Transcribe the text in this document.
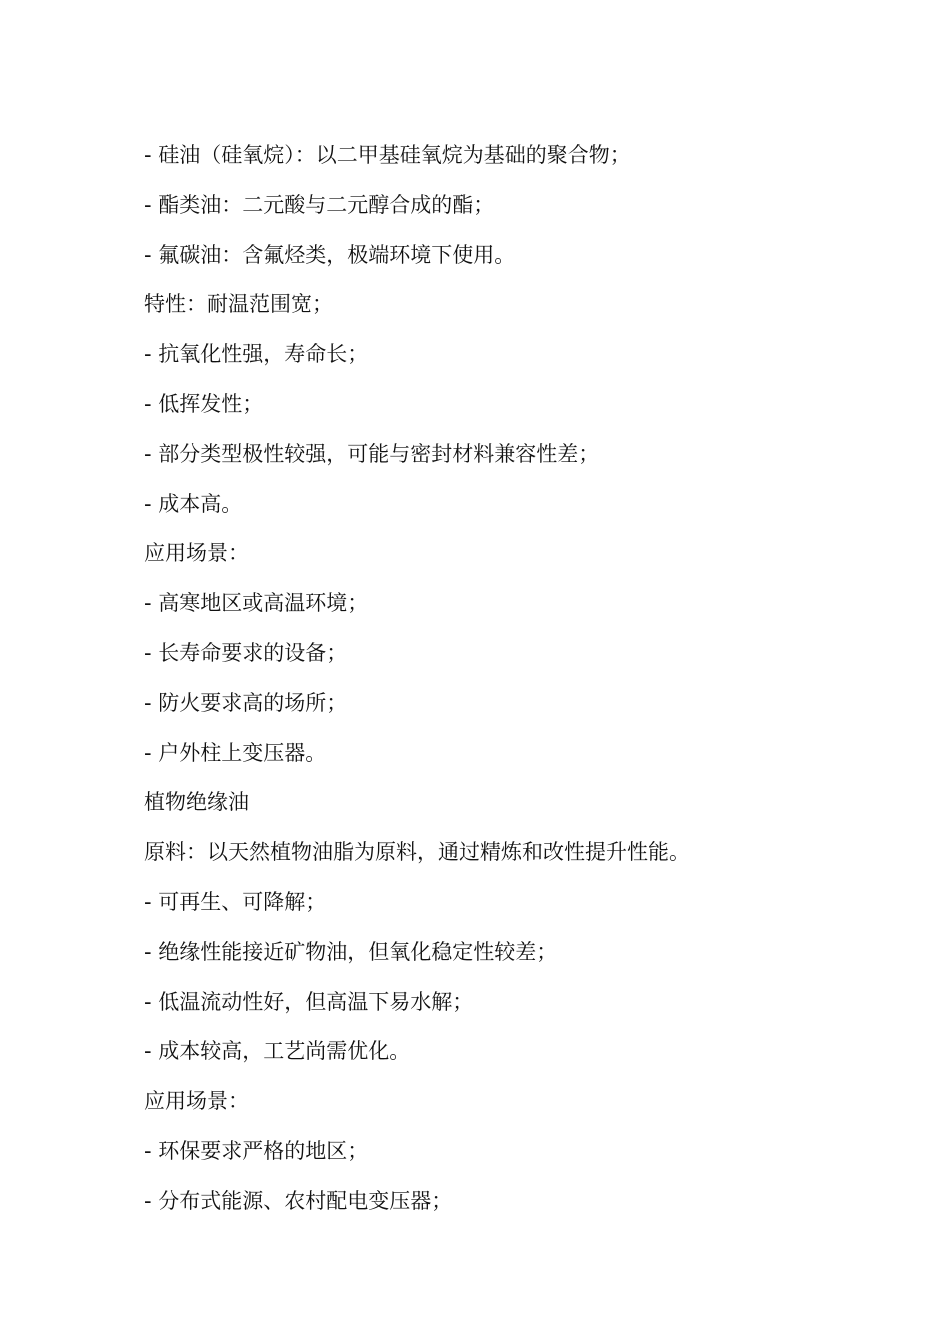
- 硅油（硅氧烷）：以二甲基硅氧烷为基础的聚合物；
- 酯类油：二元酸与二元醇合成的酯；
- 氟碳油：含氟烃类，极端环境下使用。
特性：耐温范围宽；
- 抗氧化性强，寿命长；
- 低挥发性；
- 部分类型极性较强，可能与密封材料兼容性差；
- 成本高。
应用场景：
- 高寒地区或高温环境；
- 长寿命要求的设备；
- 防火要求高的场所；
- 户外柱上变压器。
植物绝缘油
原料：以天然植物油脂为原料，通过精炼和改性提升性能。
- 可再生、可降解；
- 绝缘性能接近矿物油，但氧化稳定性较差；
- 低温流动性好，但高温下易水解；
- 成本较高，工艺尚需优化。
应用场景：
- 环保要求严格的地区；
- 分布式能源、农村配电变压器；
